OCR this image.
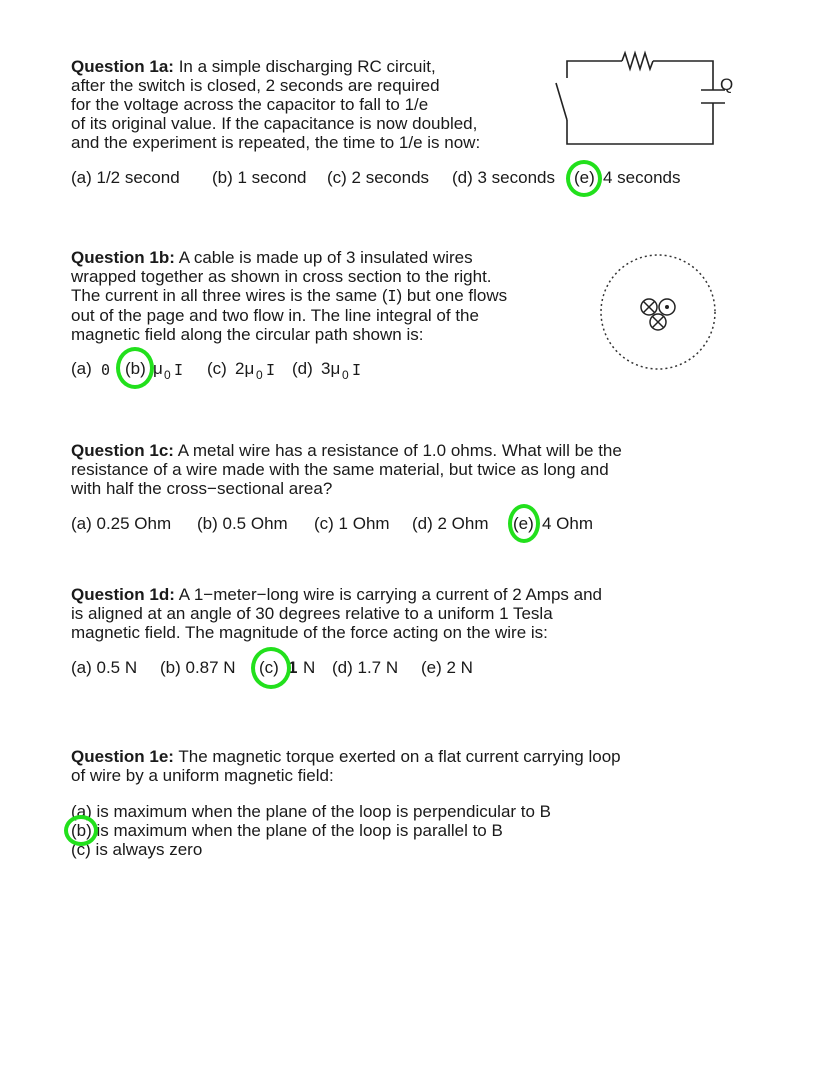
Question 1a: In a simple discharging RC circuit,
after the switch is closed, 2 seconds are required
for the voltage across the capacitor to fall to 1/e
of its original value. If the capacitance is now doubled,
and the experiment is repeated, the time to 1/e is now:
Q
(a) 1/2 second (b) 1 second (c) 2 seconds (d) 3 seconds (e) 4 seconds
Question 1b: A cable is made up of 3 insulated wires
wrapped together as shown in cross section to the right.
The current in all three wires is the same (I) but one flows
out of the page and two flow in. The line integral of the
magnetic field along the circular path shown is:
(a) 0 (b) μ 0 I (c) 2μ 0 I (d) 3μ 0 I
Question 1c: A metal wire has a resistance of 1.0 ohms. What will be the
resistance of a wire made with the same material, but twice as long and
with half the cross−sectional area?
(a) 0.25 Ohm (b) 0.5 Ohm (c) 1 Ohm (d) 2 Ohm (e) 4 Ohm
Question 1d: A 1−meter−long wire is carrying a current of 2 Amps and
is aligned at an angle of 30 degrees relative to a uniform 1 Tesla
magnetic field. The magnitude of the force acting on the wire is:
(a) 0.5 N (b) 0.87 N (c) 1 N (d) 1.7 N (e) 2 N
Question 1e: The magnetic torque exerted on a flat current carrying loop
of wire by a uniform magnetic field:
(a) is maximum when the plane of the loop is perpendicular to B
(b) is maximum when the plane of the loop is parallel to B
(c) is always zero
